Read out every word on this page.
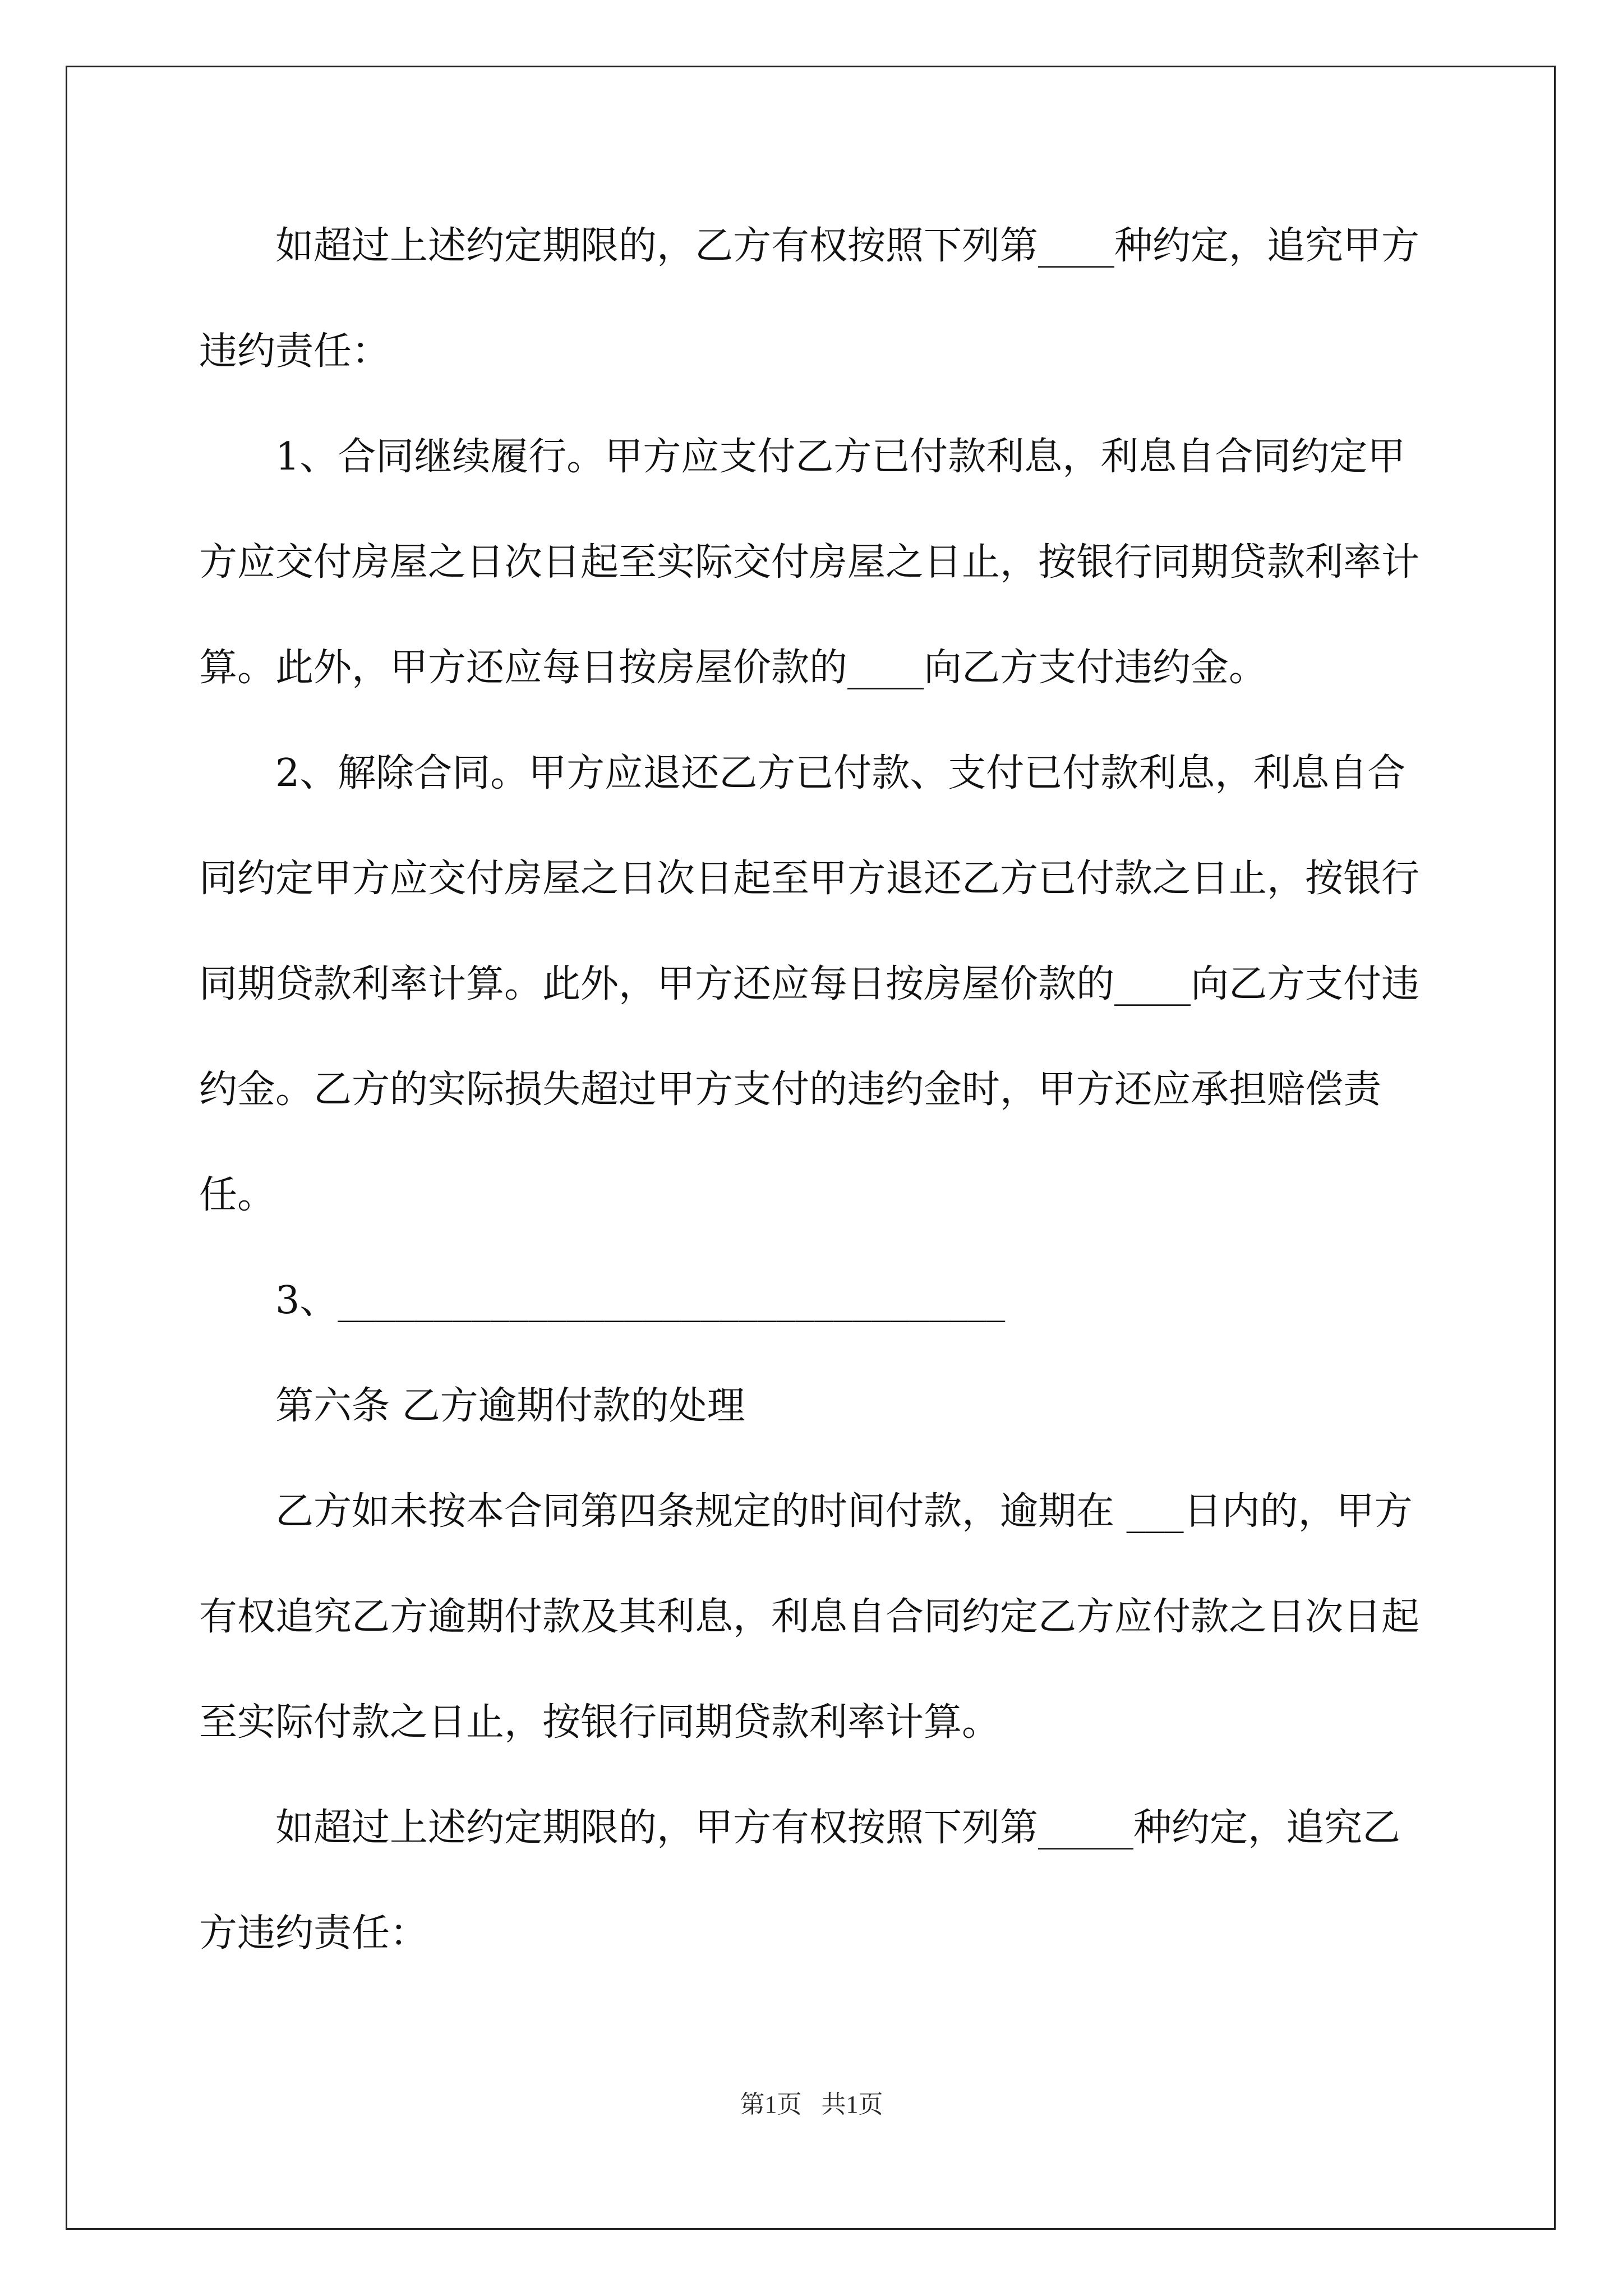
如超过上述约定期限的，乙方有权按照下列第____种约定，追究甲方违约责任：

1、合同继续履行。甲方应支付乙方已付款利息，利息自合同约定甲方应交付房屋之日次日起至实际交付房屋之日止，按银行同期贷款利率计算。此外，甲方还应每日按房屋价款的____向乙方支付违约金。

2、解除合同。甲方应退还乙方已付款、支付已付款利息，利息自合同约定甲方应交付房屋之日次日起至甲方退还乙方已付款之日止，按银行同期贷款利率计算。此外，甲方还应每日按房屋价款的____向乙方支付违约金。乙方的实际损失超过甲方支付的违约金时，甲方还应承担赔偿责任。

3、___________________________________

第六条 乙方逾期付款的处理

乙方如未按本合同第四条规定的时间付款，逾期在 ___日内的，甲方有权追究乙方逾期付款及其利息，利息自合同约定乙方应付款之日次日起至实际付款之日止，按银行同期贷款利率计算。

如超过上述约定期限的，甲方有权按照下列第_____种约定，追究乙方违约责任：

第1页 共1页
